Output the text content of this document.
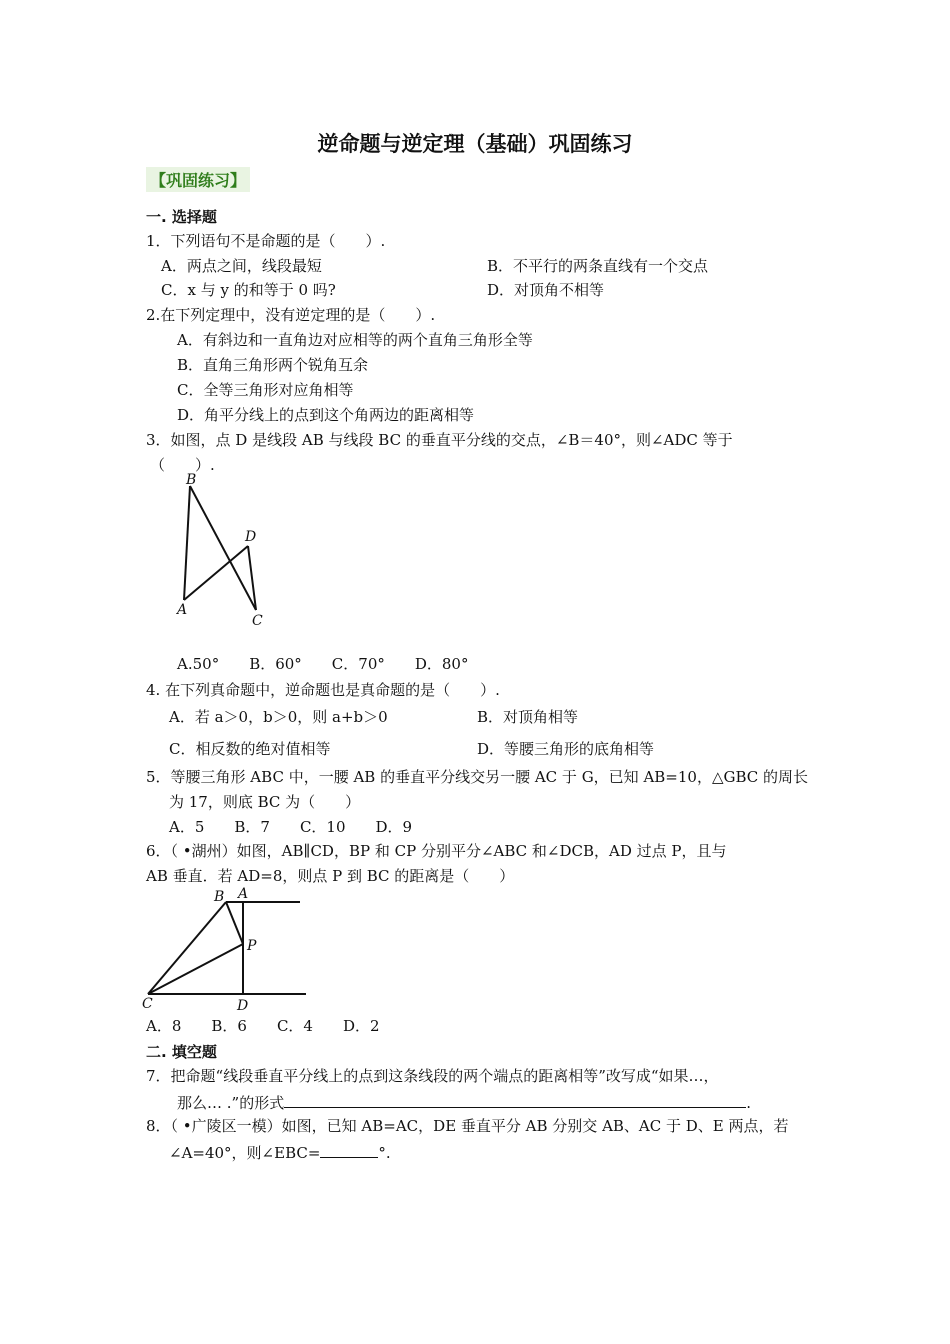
逆命题与逆定理（基础）巩固练习
【巩固练习】
一. 选择题
1．下列语句不是命题的是（　　）.
A．两点之间，线段最短	B．不平行的两条直线有一个交点
C．x 与 y 的和等于 0 吗?	D．对顶角不相等
2.在下列定理中，没有逆定理的是（　　）.
A．有斜边和一直角边对应相等的两个直角三角形全等
B．直角三角形两个锐角互余
C．全等三角形对应角相等
D．角平分线上的点到这个角两边的距离相等
3．如图，点 D 是线段 AB 与线段 BC 的垂直平分线的交点，∠B＝40°，则∠ADC 等于
（　　）.
B
D
A
C
A.50°　　B．60°　　C．70°　　D．80°
4. 在下列真命题中，逆命题也是真命题的是（　　）.
A．若 a＞0，b＞0，则 a+b＞0	B．对顶角相等
C．相反数的绝对值相等	D．等腰三角形的底角相等
5．等腰三角形 ABC 中，一腰 AB 的垂直平分线交另一腰 AC 于 G，已知 AB=10，△GBC 的周长
为 17，则底 BC 为（　　）
A．5　　B．7　　C．10　　D．9
6．（ •湖州）如图，AB∥CD，BP 和 CP 分别平分∠ABC 和∠DCB，AD 过点 P，且与
AB 垂直．若 AD=8，则点 P 到 BC 的距离是（　　）
B A
P
C	D
A．8　　B．6　　C．4　　D．2
二. 填空题
7．把命题“线段垂直平分线上的点到这条线段的两个端点的距离相等”改写成“如果…，
那么… .”的形式	.
8．（ •广陵区一模）如图，已知 AB=AC，DE 垂直平分 AB 分别交 AB、AC 于 D、E 两点，若
∠A=40°，则∠EBC=	°.
